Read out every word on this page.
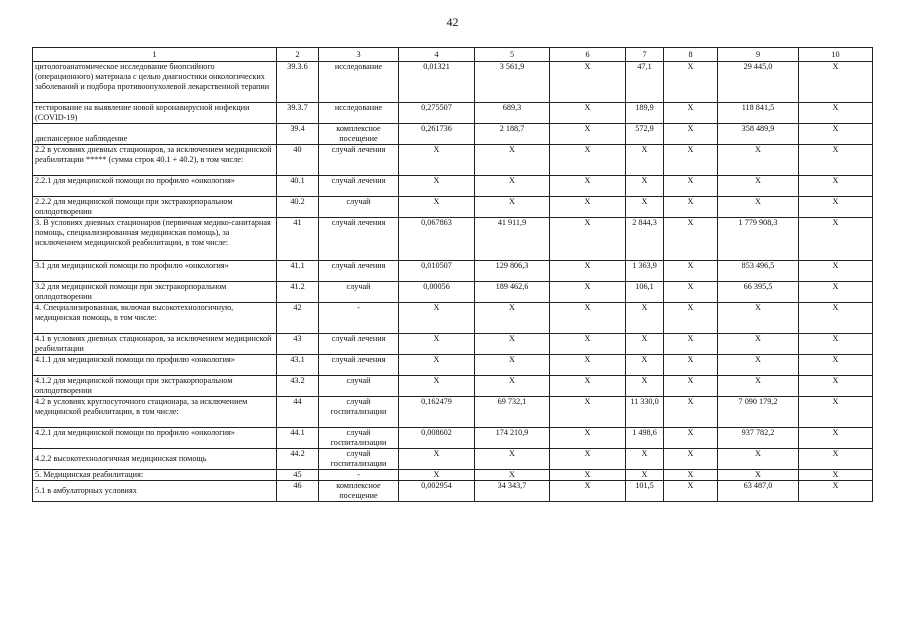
42
1	2	3	4	5	6	7	8	9	10
цитологоанатомическое исследование биопсийного (операционного) материала с целью диагностики онкологических заболеваний и подбора противоопухолевой лекарственной терапии	39.3.6	исследование	0,01321	3 561,9	Х	47,1	Х	29 445,0	Х
тестирование на выявление новой коронавирусной инфекции (COVID-19)	39.3.7	исследование	0,275507	689,3	Х	189,9	Х	118 841,5	Х
диспансерное наблюдение	39.4	комплексное посещение	0,261736	2 188,7	Х	572,9	Х	358 489,9	Х
2.2 в условиях дневных стационаров, за исключением медицинской реабилитации ***** (сумма строк 40.1 + 40.2), в том числе:	40	случай лечения	Х	Х	Х	Х	Х	Х	Х
2.2.1 для медицинской помощи по профилю «онкология»	40.1	случай лечения	Х	Х	Х	Х	Х	Х	Х
2.2.2 для медицинской помощи при экстракорпоральном оплодотворении	40.2	случай	Х	Х	Х	Х	Х	Х	Х
3. В условиях дневных стационаров (первичная медико-санитарная помощь, специализированная медицинская помощь), за исключением медицинской реабилитации, в том числе:	41	случай лечения	0,067863	41 911,9	Х	2 844,3	Х	1 779 908,3	Х
3.1 для медицинской помощи по профилю «онкология»	41.1	случай лечения	0,010507	129 806,3	Х	1 363,9	Х	853 496,5	Х
3.2 для медицинской помощи при экстракорпоральном оплодотворении	41.2	случай	0,00056	189 462,6	Х	106,1	Х	66 395,5	Х
4. Специализированная, включая высокотехнологичную, медицинская помощь, в том числе:	42	-	Х	Х	Х	Х	Х	Х	Х
4.1 в условиях дневных стационаров, за исключением медицинской реабилитации	43	случай лечения	Х	Х	Х	Х	Х	Х	Х
4.1.1 для медицинской помощи по профилю «онкология»	43.1	случай лечения	Х	Х	Х	Х	Х	Х	Х
4.1.2 для медицинской помощи при экстракорпоральном оплодотворении	43.2	случай	Х	Х	Х	Х	Х	Х	Х
4.2 в условиях круглосуточного стационара, за исключением медицинской реабилитации, в том числе:	44	случай госпитализации	0,162479	69 732,1	Х	11 330,0	Х	7 090 179,2	Х
4.2.1 для медицинской помощи по профилю «онкология»	44.1	случай госпитализации	0,008602	174 210,9	Х	1 498,6	Х	937 782,2	Х
4.2.2 высокотехнологичная медицинская помощь	44.2	случай госпитализации	Х	Х	Х	Х	Х	Х	Х
5. Медицинская реабилитация:	45	-	Х	Х	Х	Х	Х	Х	Х
5.1 в амбулаторных условиях	46	комплексное посещение	0,002954	34 343,7	Х	101,5	Х	63 487,0	Х
